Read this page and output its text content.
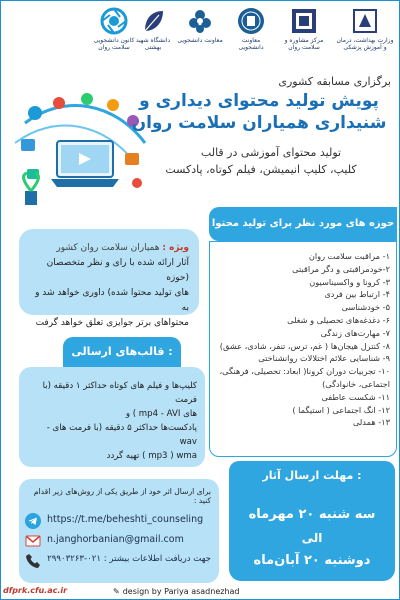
کانون دانشجویی سلامت روان
دانشگاه شهید بهشتی
معاونت دانشجویی	معاونت دانشجویی
مرکز مشاوره و سلامت روان
وزارت بهداشت، درمان و آموزش پزشکی
برگزاری مسابقه کشوری
پویش تولید محتوای دیداری و
شنیداری همیاران سلامت روان
تولید محتوای آموزشی در قالب
کلیپ، کلیپ انیمیشن، فیلم کوتاه، پادکست
حوزه های مورد نظر برای تولید محتوا
۱- مراقبت سلامت روان
۲-خودمراقبتی و دگر مراقبتی
۳- کرونا و واکسیناسیون
۴- ارتباط بین فردی
۵- خودشناسی
۶- دغدغه‌های تحصیلی و شغلی
۷- مهارت‌های زندگی
۸- کنترل هیجان‌ها ( غم، ترس، تنفر، شادی، عشق)
۹- شناسایی علائم اختلالات روانشناختی
۱۰- تجربیات دوران کرونا( ابعاد: تحصیلی، فرهنگی،
اجتماعی، خانوادگی)
۱۱- شکست عاطفی
۱۲- انگ اجتماعی ( استیگما )
۱۳- همدلی
ویژه : همیاران سلامت روان کشور
آثار ارائه شده با رای و نظر متخصصان (حوزه
های تولید محتوا شده) داوری خواهد شد و به
محتواهای برتر جوایزی تعلق خواهد گرفت
قالب‌های ارسالی :
کلیپ‌ها و فیلم های کوتاه حداکثر ۱ دقیقه (با فرمت
های mp4 - AVI ) و
پادکست‌ها حداکثر ۵ دقیقه (با فرمت های - wav
mp3 ) wma ) تهیه گردد
مهلت ارسال آثار :
سه شنبه ۲۰ مهرماه
الی
دوشنبه ۲۰ آبان‌ماه
برای ارسال اثر خود از طریق یکی از روش‌های زیر اقدام کنید :
https://t.me/beheshti_counseling
n.janghorbanian@gmail.com
جهت دریافت اطلاعات بیشتر : ۰۲۱-۲۹۹۰۳۲۶۳
dfprk.cfu.ac.ir	✎ design by Pariya asadnezhad
